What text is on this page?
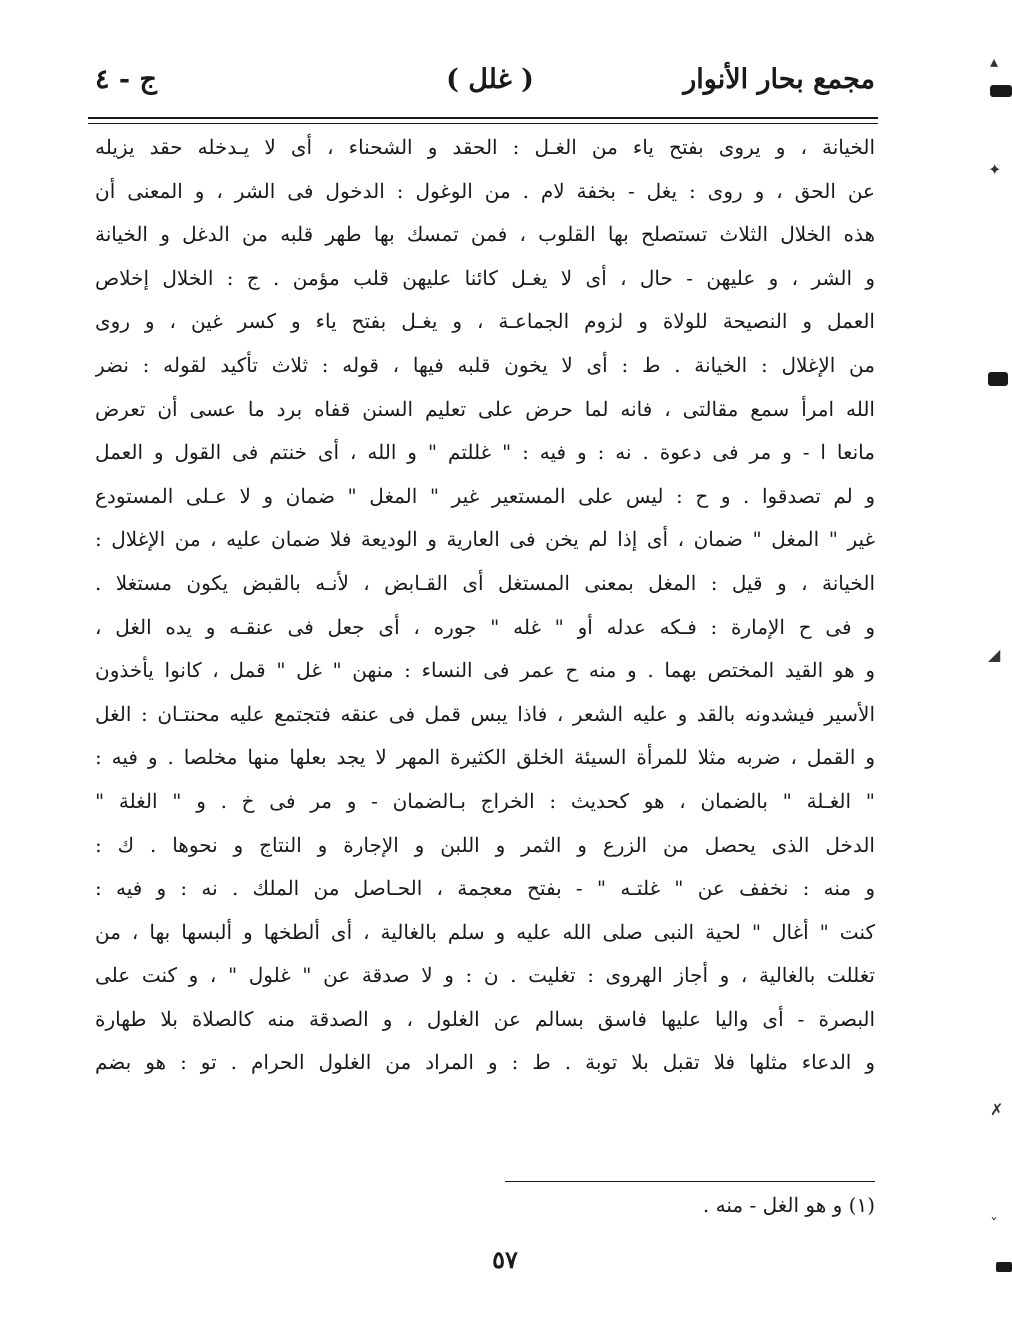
مجمع بحار الأنوار
( غلل )
ج - ٤
الخيانة ، و يروى بفتح ياء من الغـل : الحقد و الشحناء ، أى لا يـدخله حقد يزيله
عن الحق ، و روى : يغل - بخفة لام . من الوغول : الدخول فى الشر ، و المعنى أن
هذه الخلال الثلاث تستصلح بها القلوب ، فمن تمسك بها طهر قلبه من الدغل و الخيانة
و الشر ، و عليهن - حال ، أى لا يغـل كائنا عليهن قلب مؤمن . ج : الخلال إخلاص
العمل و النصيحة للولاة و لزوم الجماعـة ، و يغـل بفتح ياء و كسر غين ، و روى
من الإغلال : الخيانة . ط : أى لا يخون قلبه فيها ، قوله : ثلاث تأكيد لقوله : نضر
الله امرأ سمع مقالتى ، فانه لما حرض على تعليم السنن قفاه برد ما عسى أن تعرض
مانعا ا - و مر فى دعوة . نه : و فيه : " غللتم " و الله ، أى خنتم فى القول و العمل
و لم تصدقوا . و ح : ليس على المستعير غير " المغل " ضمان و لا عـلى المستودع
غير " المغل " ضمان ، أى إذا لم يخن فى العارية و الوديعة فلا ضمان عليه ، من الإغلال :
الخيانة ، و قيل : المغل بمعنى المستغل أى القـابض ، لأنـه بالقبض يكون مستغلا .
و فى ح الإمارة : فـكه عدله أو " غله " جوره ، أى جعل فى عنقـه و يده الغل ،
و هو القيد المختص بهما . و منه ح عمر فى النساء : منهن " غل " قمل ، كانوا يأخذون
الأسير فيشدونه بالقد و عليه الشعر ، فاذا يبس قمل فى عنقه فتجتمع عليه محنتـان : الغل
و القمل ، ضربه مثلا للمرأة السيئة الخلق الكثيرة المهر لا يجد بعلها منها مخلصا . و فيه :
" الغـلة " بالضمان ، هو كحديث : الخراج بـالضمان - و مر فى خ . و " الغلة "
الدخل الذى يحصل من الزرع و الثمر و اللبن و الإجارة و النتاج و نحوها . ك :
و منه : نخفف عن " غلتـه " - بفتح معجمة ، الحـاصل من الملك . نه : و فيه :
كنت " أغال " لحية النبى صلى الله عليه و سلم بالغالية ، أى ألطخها و ألبسها بها ، من
تغللت بالغالية ، و أجاز الهروى : تغليت . ن : و لا صدقة عن " غلول " ، و كنت على
البصرة - أى واليا عليها فاسق بسالم عن الغلول ، و الصدقة منه كالصلاة بلا طهارة
و الدعاء مثلها فلا تقبل بلا توبة . ط : و المراد من الغلول الحرام . تو : هو بضم
(١) و هو الغل - منه .
٥٧
▴
✦
◢
✗
ˇ
